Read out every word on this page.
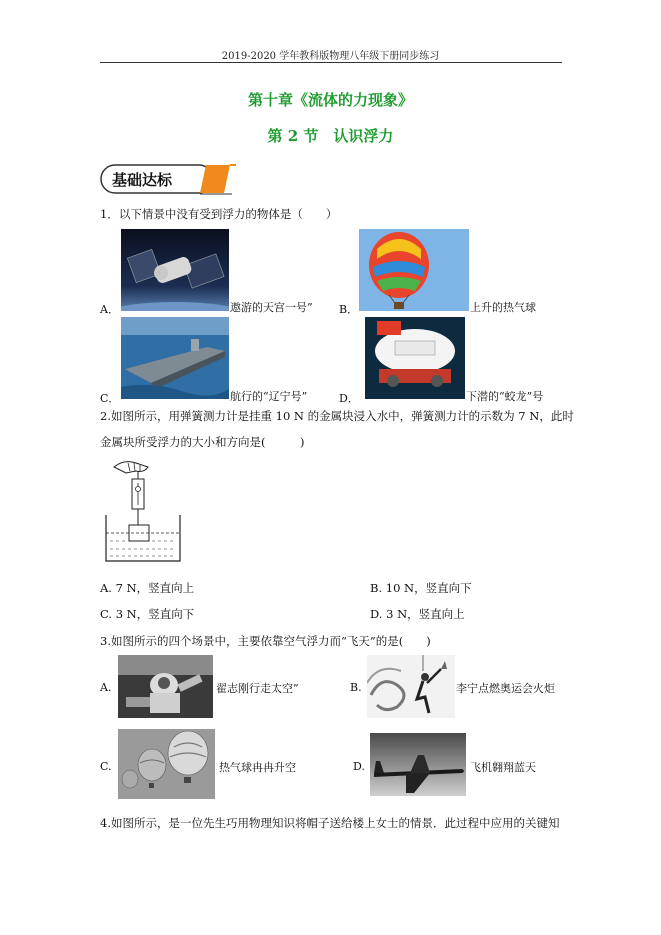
2019-2020 学年教科版物理八年级下册同步练习
第十章《流体的力现象》
第 2 节　认识浮力
基础达标
1．以下情景中没有受到浮力的物体是（　　）
A．	遨游的天宫一号” B．	上升的热气球
C．	航行的“辽宁号”	D．	下潜的“蛟龙”号
2.如图所示，用弹簧测力计是挂重 10 N 的金属块浸入水中，弹簧测力计的示数为 7 N，此时
金属块所受浮力的大小和方向是(　　　)
A. 7 N，竖直向上	B. 10 N，竖直向下
C. 3 N，竖直向下	D. 3 N，竖直向上
3.如图所示的四个场景中，主要依靠空气浮力而“飞天”的是(　　)
A.	翟志刚行走太空”	B.	李宁点燃奥运会火炬
C.	热气球冉冉升空	D.	飞机翱翔蓝天
4.如图所示，是一位先生巧用物理知识将帽子送给楼上女士的情景．此过程中应用的关键知
